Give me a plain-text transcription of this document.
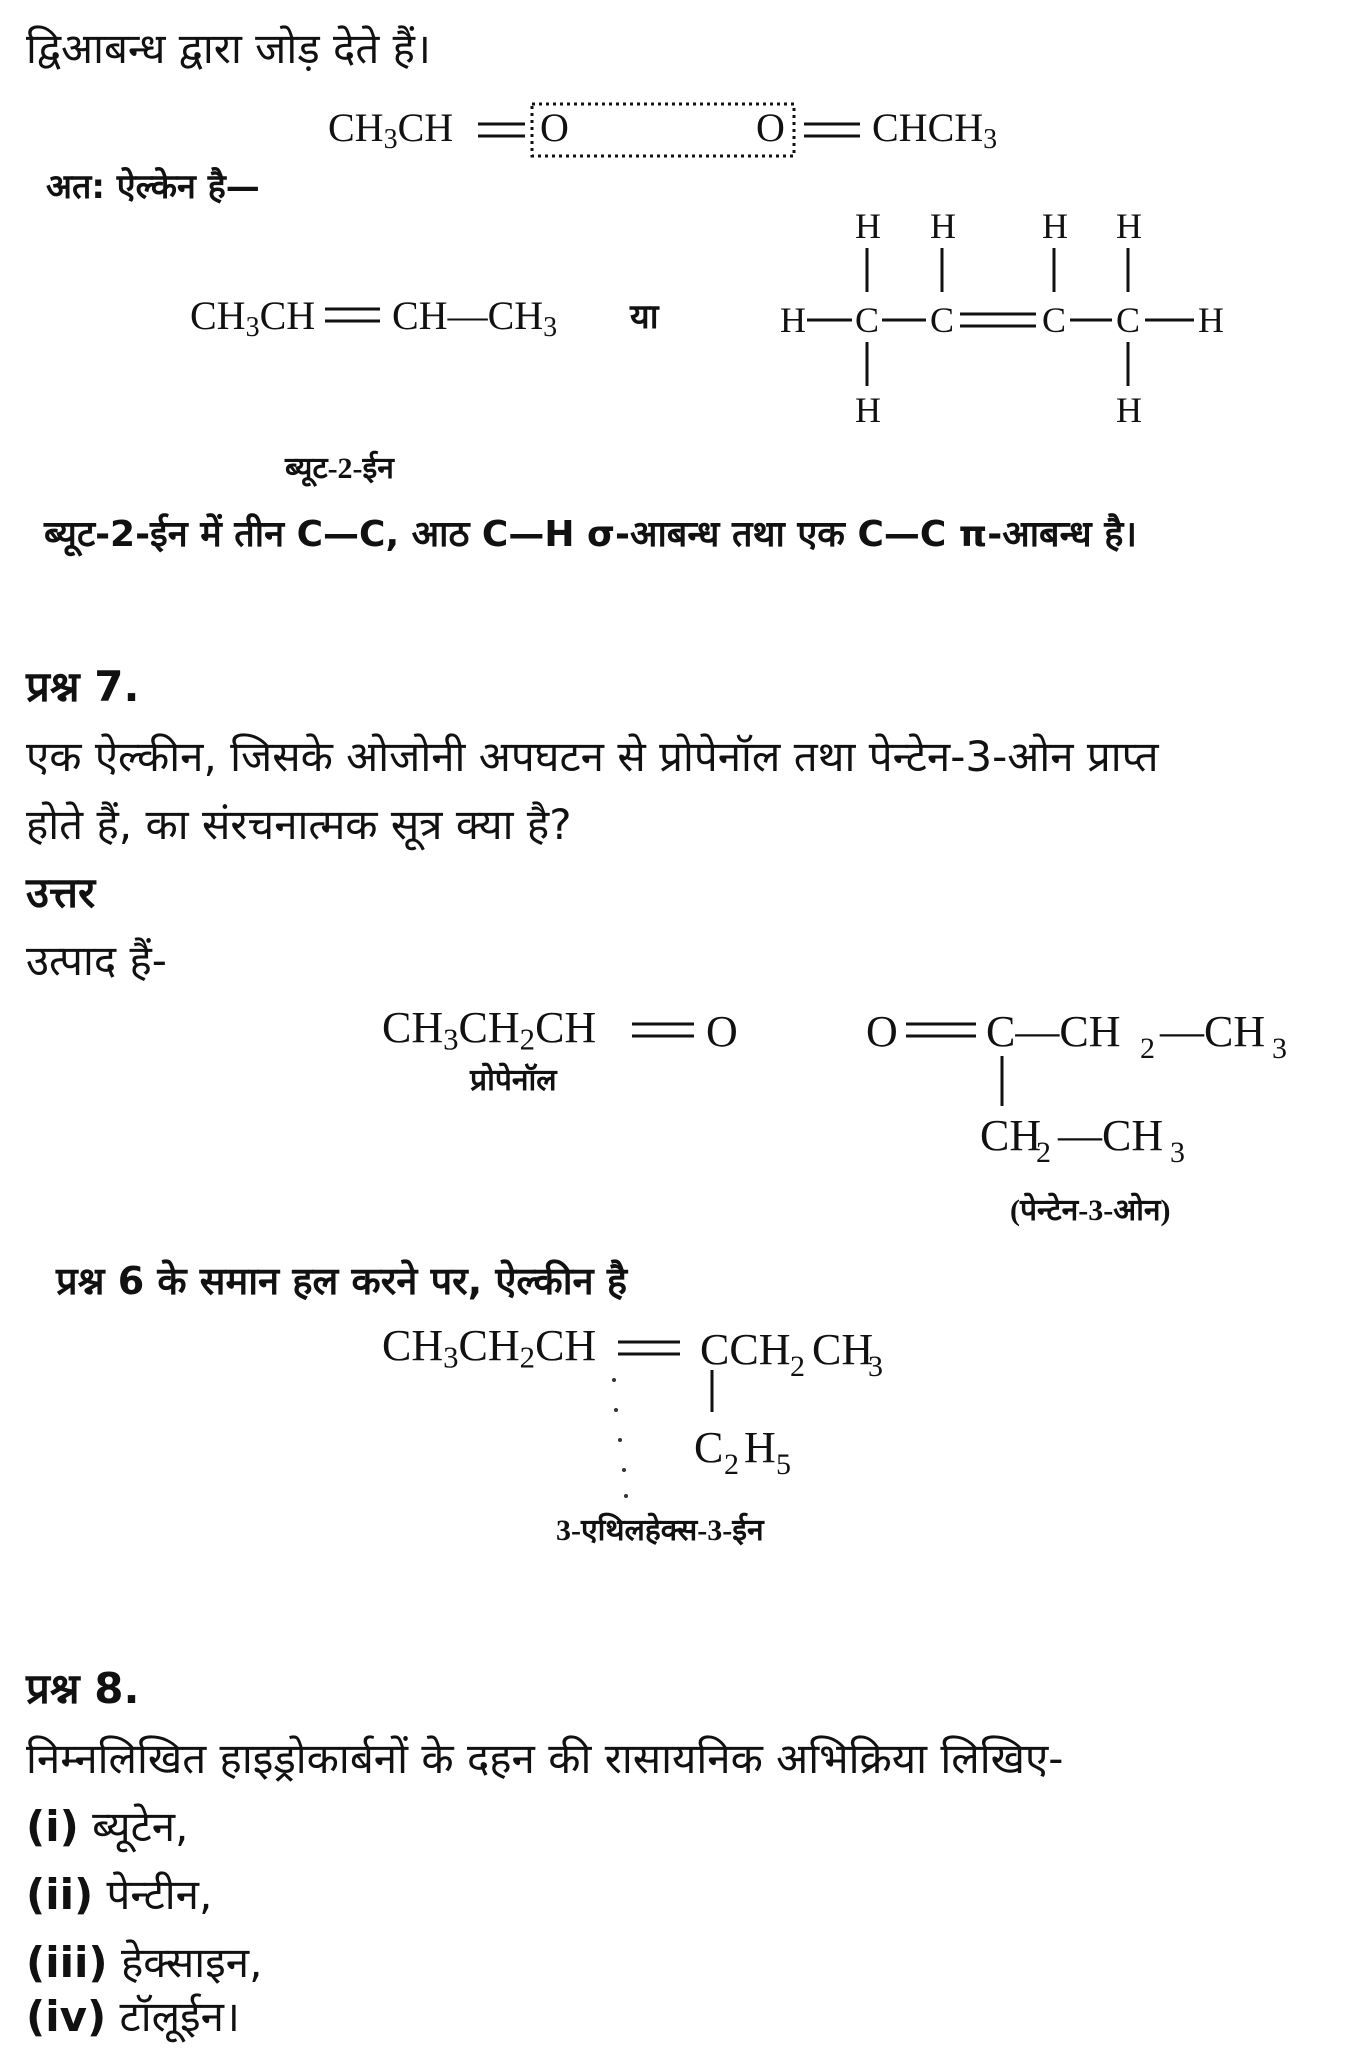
द्विआबन्ध द्वारा जोड़ देते हैं।
$CH_3CH$ O	O $CHCH_3$
अत: ऐल्केन है—
$CH_3CH$ $CH—CH_3$ या
H H H H
H C C C C H
H	H
ब्यूट-2-ईन
ब्यूट-2-ईन में तीन C—C, आठ C—H σ-आबन्ध तथा एक C—C π-आबन्ध है।
प्रश्न 7.
एक ऐल्कीन, जिसके ओजोनी अपघटन से प्रोपेनॉल तथा पेन्टेन-3-ओन प्राप्त
होते हैं, का संरचनात्मक सूत्र क्या है?
उत्तर
उत्पाद हैं-
$CH_3CH_2CH$ O
प्रोपेनॉल
O C—CH 2 —CH 3
CH
2 —CH 3
(पेन्टेन-3-ओन)
प्रश्न 6 के समान हल करने पर, ऐल्कीन है
$CH_3CH_2CH$ CCH 2 CH
3
C 2 H 5
3-एथिलहेक्स-3-ईन
प्रश्न 8.
निम्नलिखित हाइड्रोकार्बनों के दहन की रासायनिक अभिक्रिया लिखिए-
(i) ब्यूटेन,
(ii) पेन्टीन,
(iii) हेक्साइन,
(iv) टॉलूईन।
